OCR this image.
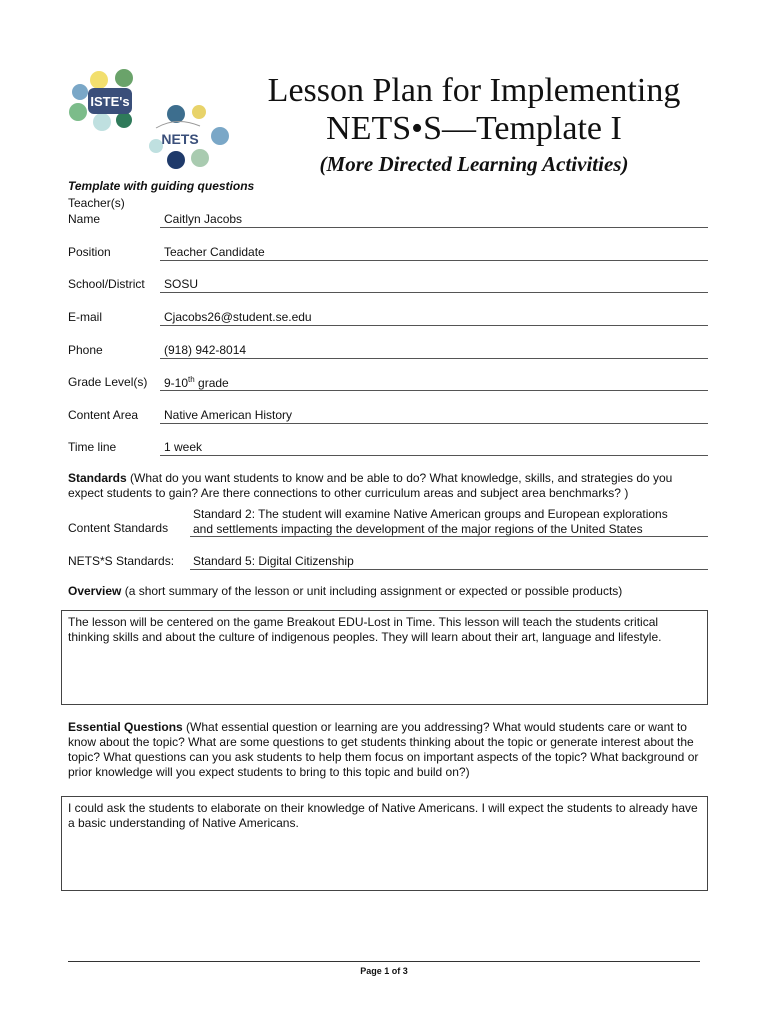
ISTE's
NETS
Lesson Plan for Implementing
NETS•S—Template I
(More Directed Learning Activities)
Template with guiding questions
Teacher(s)
Name	Caitlyn Jacobs
Position	Teacher Candidate
School/District SOSU
E-mail	Cjacobs26@student.se.edu
Phone	(918) 942-8014
Grade Level(s) 9-10th grade
Content Area Native American History
Time line	1 week
Standards (What do you want students to know and be able to do? What knowledge, skills, and strategies do you expect students to gain? Are there connections to other curriculum areas and subject area benchmarks? )
Content Standards
Standard 2: The student will examine Native American groups and European explorations
and settlements impacting the development of the major regions of the United States
NETS*S Standards: Standard 5: Digital Citizenship
Overview (a short summary of the lesson or unit including assignment or expected or possible products)
The lesson will be centered on the game Breakout EDU-Lost in Time. This lesson will teach the students critical thinking skills and about the culture of indigenous peoples. They will learn about their art, language and lifestyle.
Essential Questions (What essential question or learning are you addressing? What would students care or want to know about the topic? What are some questions to get students thinking about the topic or generate interest about the topic? What questions can you ask students to help them focus on important aspects of the topic? What background or prior knowledge will you expect students to bring to this topic and build on?)
I could ask the students to elaborate on their knowledge of Native Americans. I will expect the students to already have a basic understanding of Native Americans.
Page 1 of 3
